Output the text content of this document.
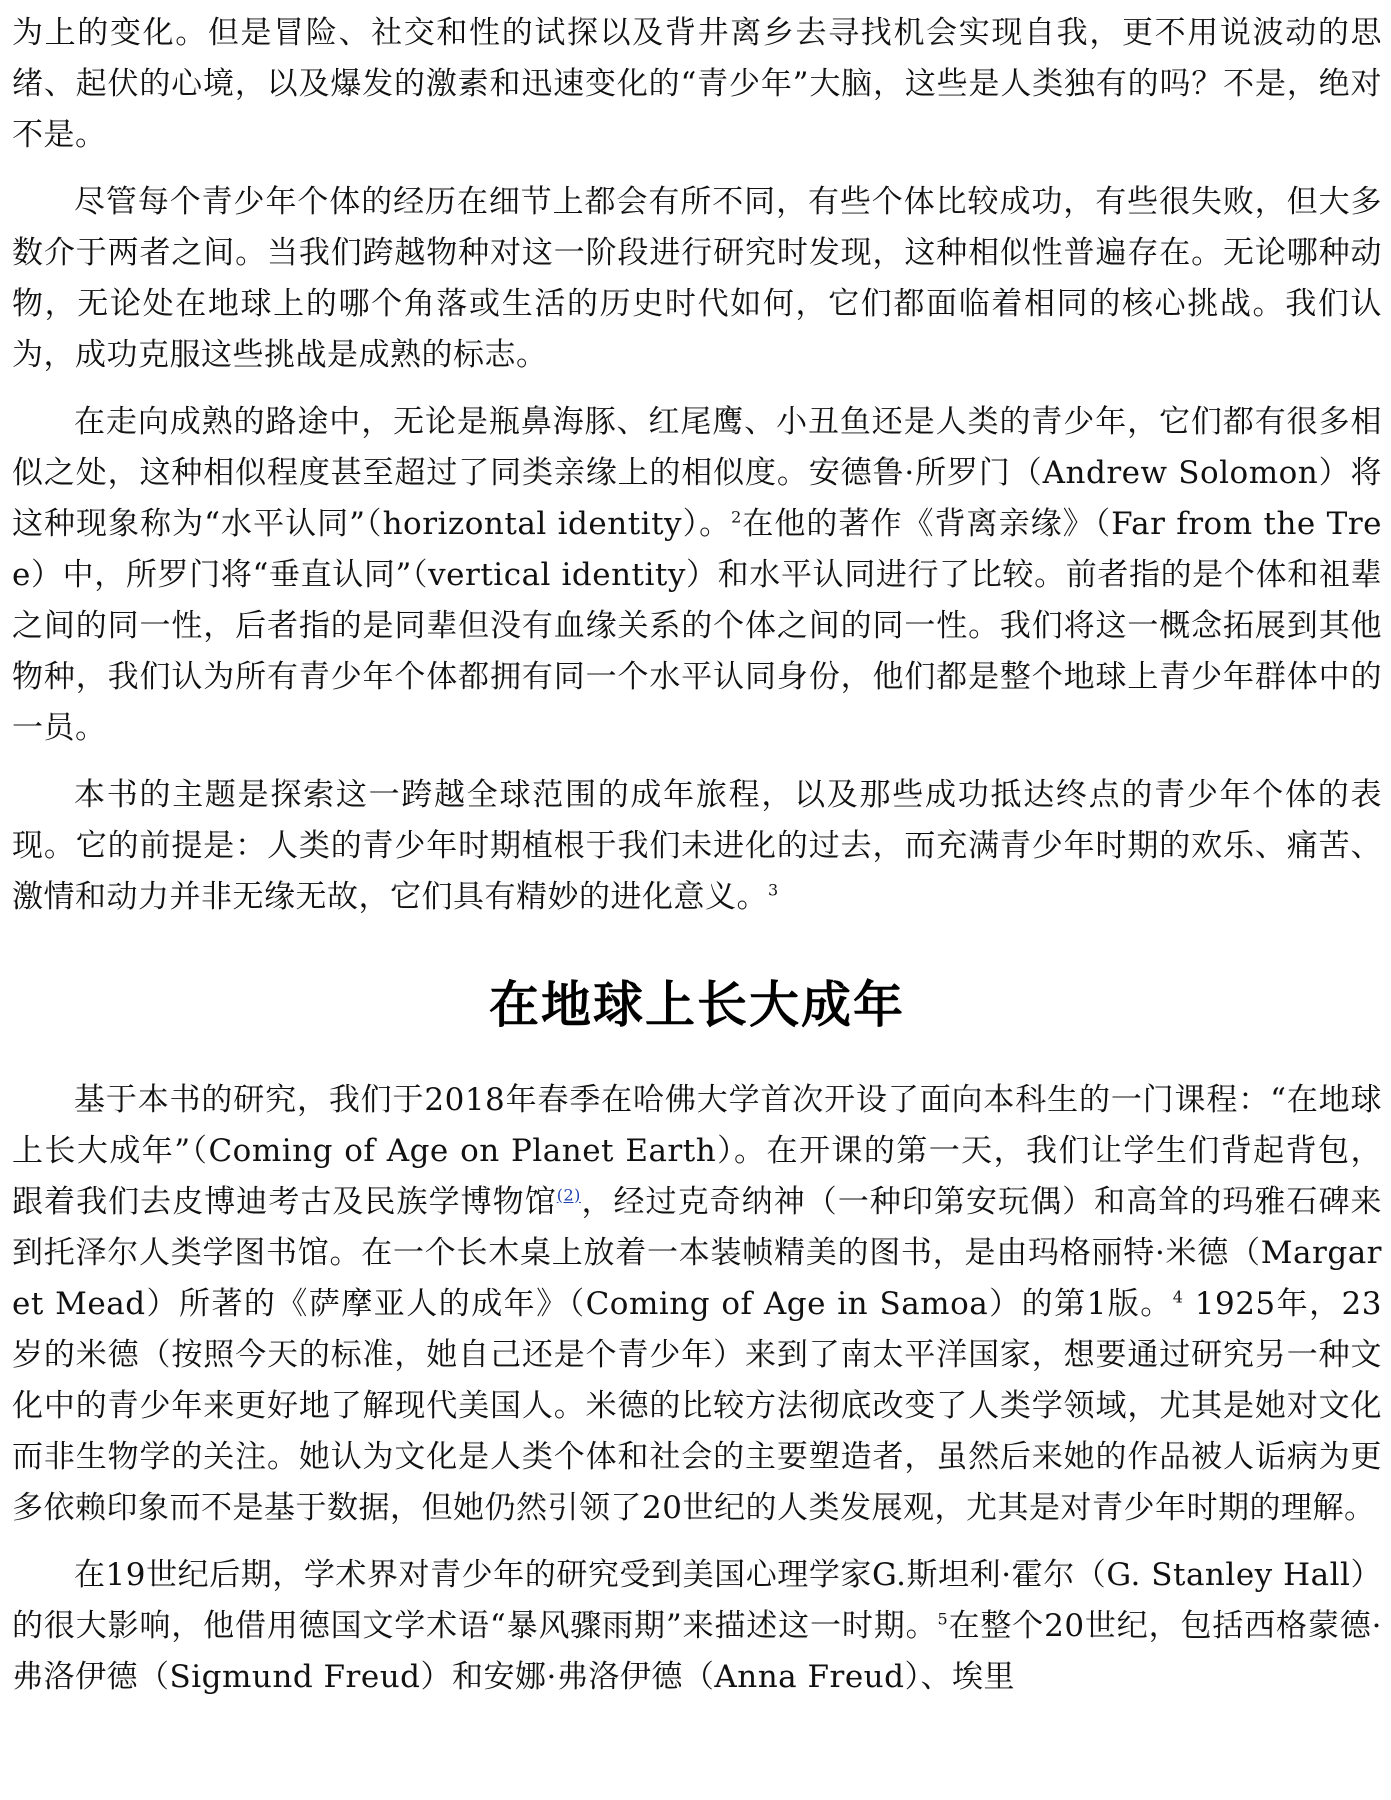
为上的变化。但是冒险、社交和性的试探以及背井离乡去寻找机会实现自我，更不用说波动的思绪、起伏的心境，以及爆发的激素和迅速变化的“青少年”大脑，这些是人类独有的吗？不是，绝对不是。

尽管每个青少年个体的经历在细节上都会有所不同，有些个体比较成功，有些很失败，但大多数介于两者之间。当我们跨越物种对这一阶段进行研究时发现，这种相似性普遍存在。无论哪种动物，无论处在地球上的哪个角落或生活的历史时代如何，它们都面临着相同的核心挑战。我们认为，成功克服这些挑战是成熟的标志。

在走向成熟的路途中，无论是瓶鼻海豚、红尾鹰、小丑鱼还是人类的青少年，它们都有很多相似之处，这种相似程度甚至超过了同类亲缘上的相似度。安德鲁·所罗门（Andrew Solomon）将这种现象称为“水平认同”（horizontal identity）。$^2$在他的著作《背离亲缘》（Far from the Tree）中，所罗门将“垂直认同”（vertical identity）和水平认同进行了比较。前者指的是个体和祖辈之间的同一性，后者指的是同辈但没有血缘关系的个体之间的同一性。我们将这一概念拓展到其他物种，我们认为所有青少年个体都拥有同一个水平认同身份，他们都是整个地球上青少年群体中的一员。

本书的主题是探索这一跨越全球范围的成年旅程，以及那些成功抵达终点的青少年个体的表现。它的前提是：人类的青少年时期植根于我们未进化的过去，而充满青少年时期的欢乐、痛苦、激情和动力并非无缘无故，它们具有精妙的进化意义。$^3$

在地球上长大成年

基于本书的研究，我们于2018年春季在哈佛大学首次开设了面向本科生的一门课程：“在地球上长大成年”（Coming of Age on Planet Earth）。在开课的第一天，我们让学生们背起背包，跟着我们去皮博迪考古及民族学博物馆$^{(2)}$，经过克奇纳神（一种印第安玩偶）和高耸的玛雅石碑来到托泽尔人类学图书馆。在一个长木桌上放着一本装帧精美的图书，是由玛格丽特·米德（Margaret Mead）所著的《萨摩亚人的成年》（Coming of Age in Samoa）的第1版。$^4$ 1925年，23岁的米德（按照今天的标准，她自己还是个青少年）来到了南太平洋国家，想要通过研究另一种文化中的青少年来更好地了解现代美国人。米德的比较方法彻底改变了人类学领域，尤其是她对文化而非生物学的关注。她认为文化是人类个体和社会的主要塑造者，虽然后来她的作品被人诟病为更多依赖印象而不是基于数据，但她仍然引领了20世纪的人类发展观，尤其是对青少年时期的理解。

在19世纪后期，学术界对青少年的研究受到美国心理学家G.斯坦利·霍尔（G. Stanley Hall）的很大影响，他借用德国文学术语“暴风骤雨期”来描述这一时期。$^5$在整个20世纪，包括西格蒙德·弗洛伊德（Sigmund Freud）和安娜·弗洛伊德（Anna Freud）、埃里
